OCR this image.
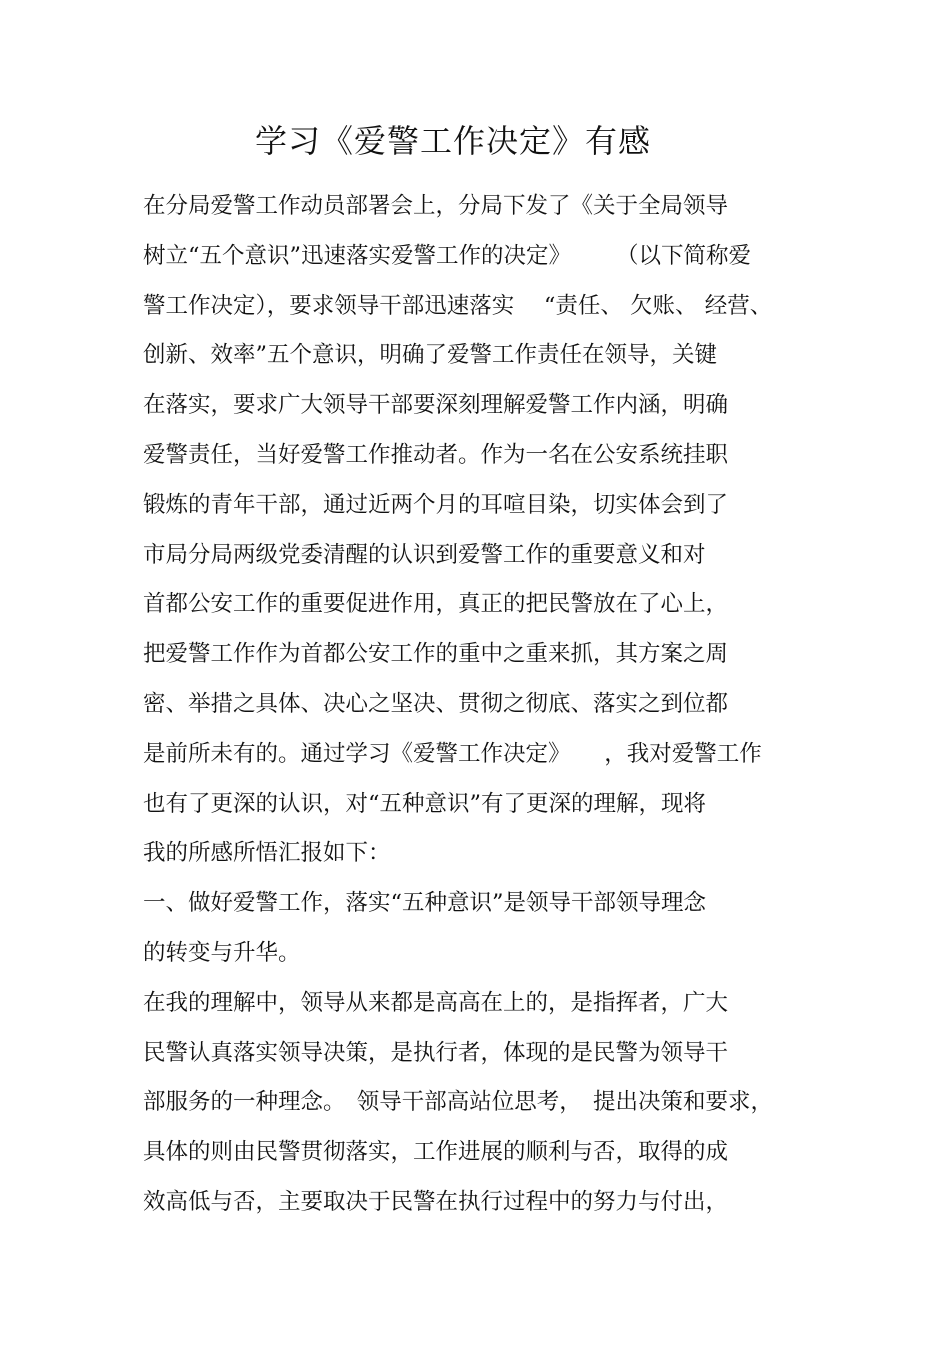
学习《爱警工作决定》有感
在分局爱警工作动员部署会上，分局下发了《关于全局领导
树立“五个意识”迅速落实爱警工作的决定》　　　（以下简称爱
警工作决定），要求领导干部迅速落实　 “责任、 欠账、 经营、
创新、效率”五个意识，明确了爱警工作责任在领导，关键
在落实，要求广大领导干部要深刻理解爱警工作内涵，明确
爱警责任，当好爱警工作推动者。作为一名在公安系统挂职
锻炼的青年干部，通过近两个月的耳喧目染，切实体会到了
市局分局两级党委清醒的认识到爱警工作的重要意义和对
首都公安工作的重要促进作用，真正的把民警放在了心上，
把爱警工作作为首都公安工作的重中之重来抓，其方案之周
密、举措之具体、决心之坚决、贯彻之彻底、落实之到位都
是前所未有的。通过学习《爱警工作决定》　　，我对爱警工作
也有了更深的认识，对“五种意识”有了更深的理解，现将
我的所感所悟汇报如下：
一、做好爱警工作，落实“五种意识”是领导干部领导理念
的转变与升华。
在我的理解中，领导从来都是高高在上的，是指挥者，广大
民警认真落实领导决策，是执行者，体现的是民警为领导干
部服务的一种理念。　领导干部高站位思考，　提出决策和要求，
具体的则由民警贯彻落实，工作进展的顺利与否，取得的成
效高低与否，主要取决于民警在执行过程中的努力与付出，
